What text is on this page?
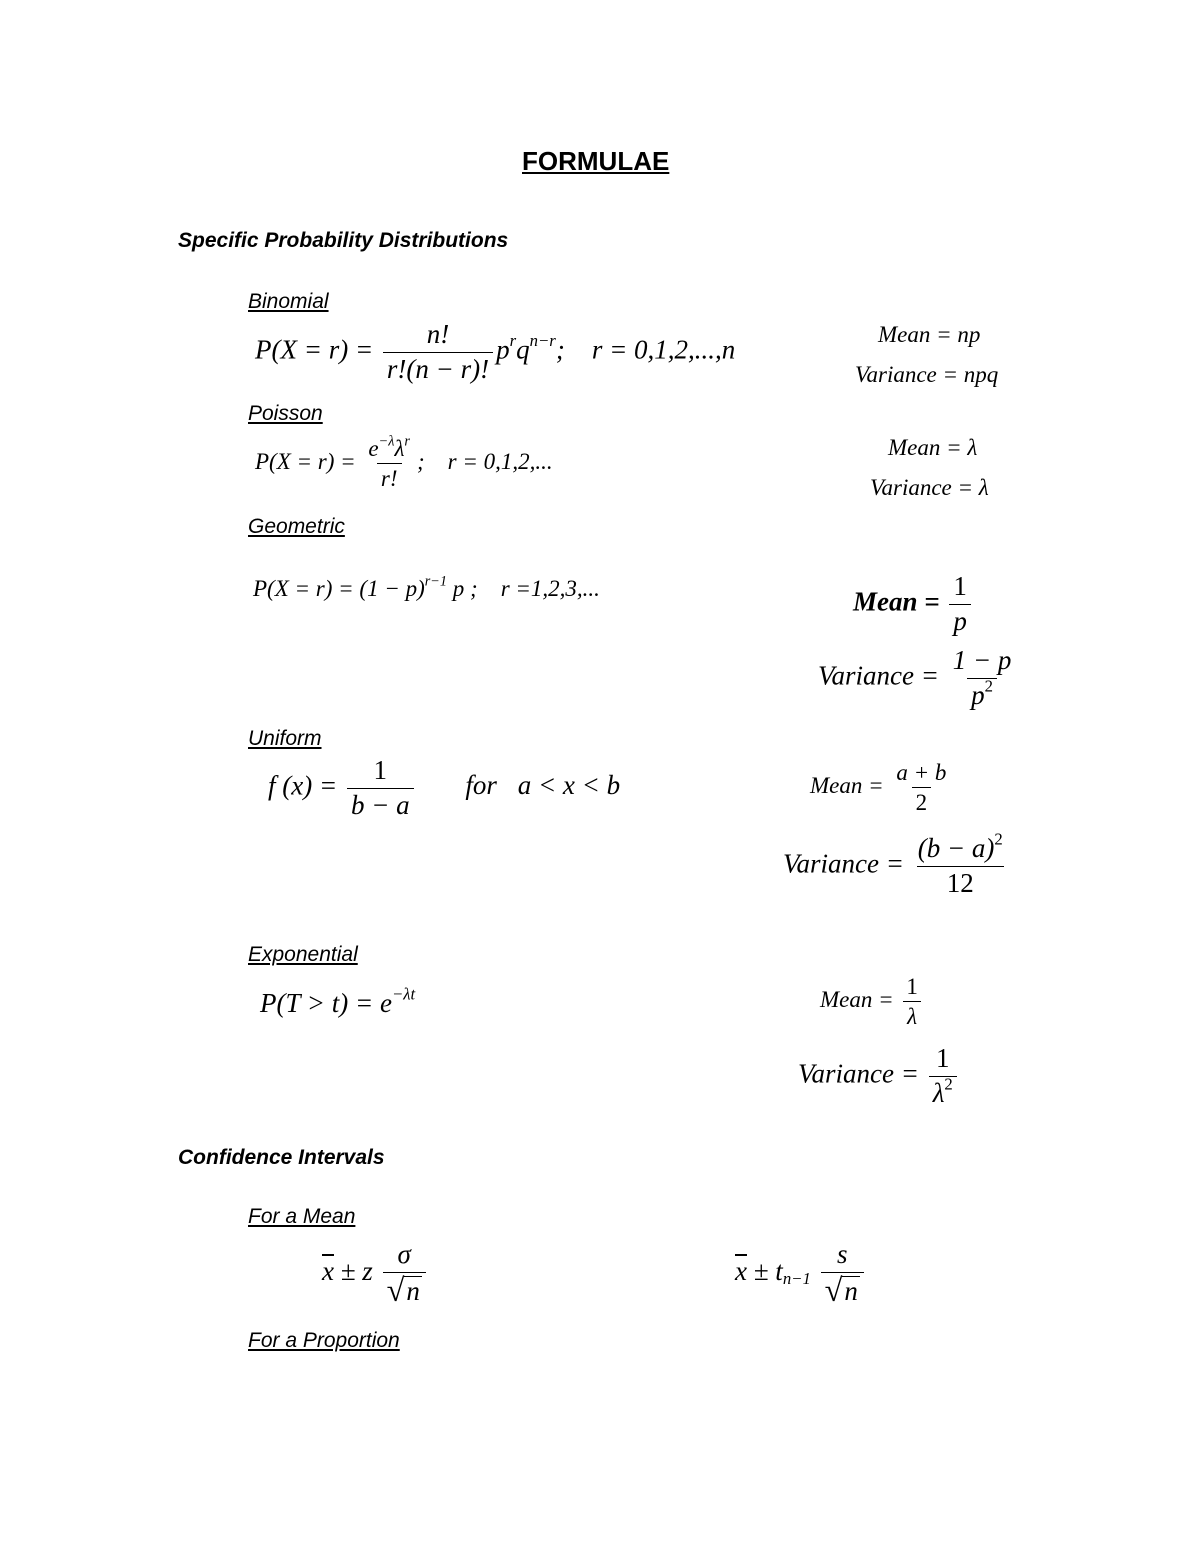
FORMULAE
Specific Probability Distributions
Binomial
$P(X = r) = \frac{n!}{r!(n - r)!} p^rq^{n-r}$;    r = 0,1,2,...,n	Mean = np
Variance = npq
Poisson
$P(X = r) = \frac{e^{-\lambda}\lambda^r}{r!}$ ;    r = 0,1,2,...
Mean = λ
Variance = λ
Geometric
$P(X = r) = (1 - p)^{r-1}$ p ;    r =1,2,3,...	Mean = $\frac{1}{p}$
Variance = $\frac{1 - p}{p^2}$
Uniform
f $(x) = \frac{1}{b - a}$ for a < x < b	Mean = $\frac{a + b}{2}$
Variance = $\frac{(b - a)^2}{12}$
Exponential
$P(T > t) = e^{-\lambda t}$	Mean = $\frac{1}{\lambda}$
Variance = $\frac{1}{\lambda^2}$
Confidence Intervals
For a Mean
$\overline{x} \pm z \frac{\sigma}{√ n}$	$\overline{x} \pm t_{n-1} \frac{s}{√ n}$
For a Proportion
